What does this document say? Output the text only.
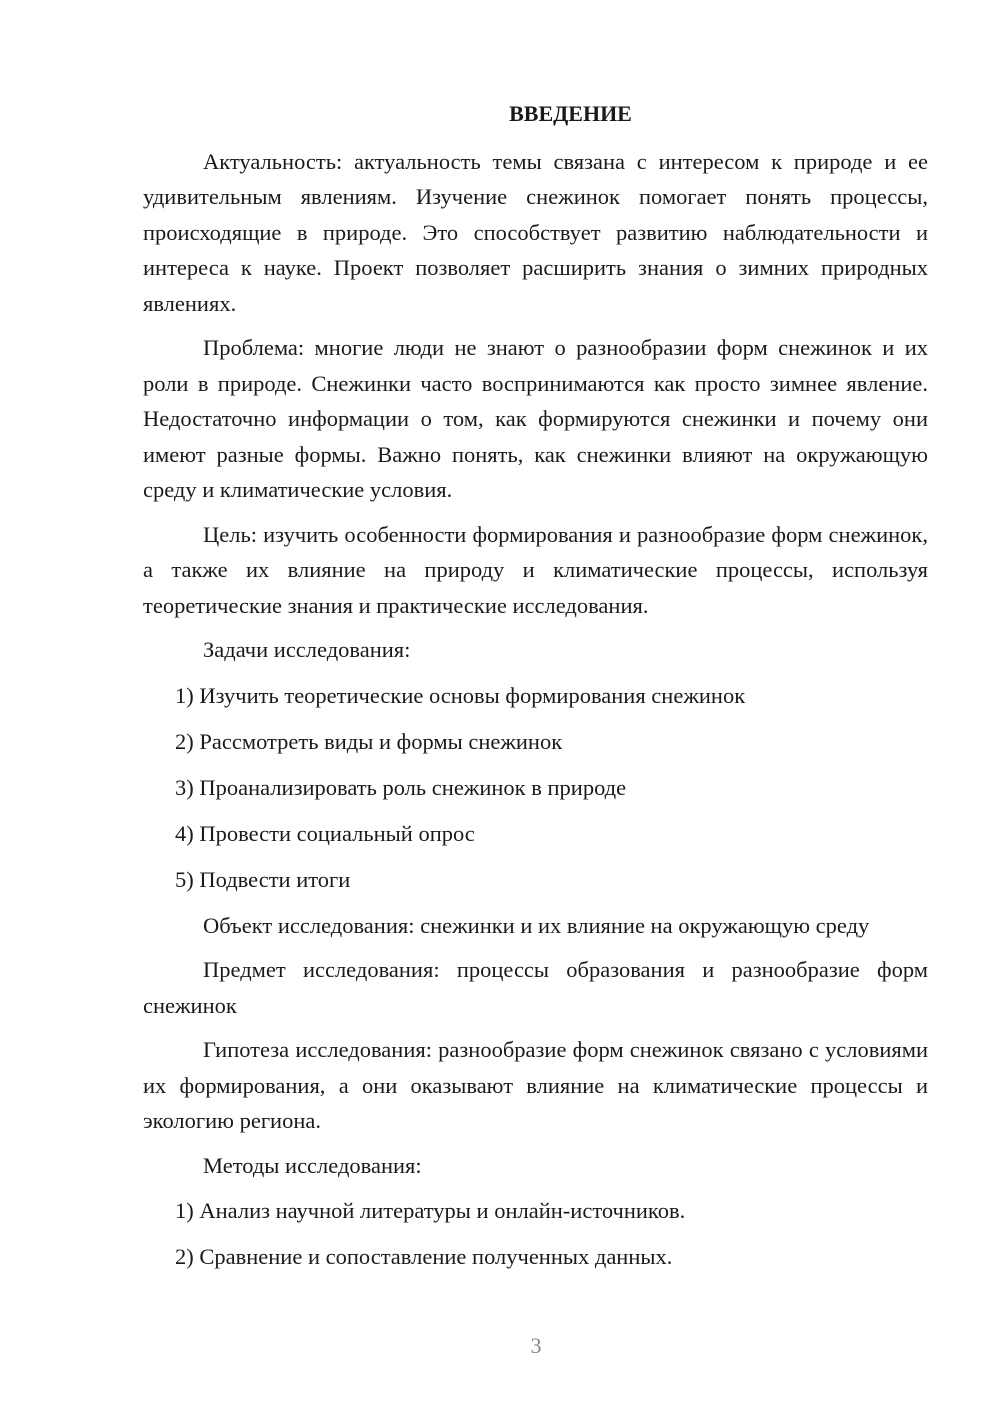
ВВЕДЕНИЕ

Актуальность: актуальность темы связана с интересом к природе и ее удивительным явлениям. Изучение снежинок помогает понять процессы, происходящие в природе. Это способствует развитию наблюдательности и интереса к науке. Проект позволяет расширить знания о зимних природных явлениях.

Проблема: многие люди не знают о разнообразии форм снежинок и их роли в природе. Снежинки часто воспринимаются как просто зимнее явление. Недостаточно информации о том, как формируются снежинки и почему они имеют разные формы. Важно понять, как снежинки влияют на окружающую среду и климатические условия.

Цель: изучить особенности формирования и разнообразие форм снежинок, а также их влияние на природу и климатические процессы, используя теоретические знания и практические исследования.

Задачи исследования:

1) Изучить теоретические основы формирования снежинок
2) Рассмотреть виды и формы снежинок
3) Проанализировать роль снежинок в природе
4) Провести социальный опрос
5) Подвести итоги

Объект исследования: снежинки и их влияние на окружающую среду

Предмет исследования: процессы образования и разнообразие форм снежинок

Гипотеза исследования: разнообразие форм снежинок связано с условиями их формирования, а они оказывают влияние на климатические процессы и экологию региона.

Методы исследования:

1) Анализ научной литературы и онлайн-источников.
2) Сравнение и сопоставление полученных данных.
3
